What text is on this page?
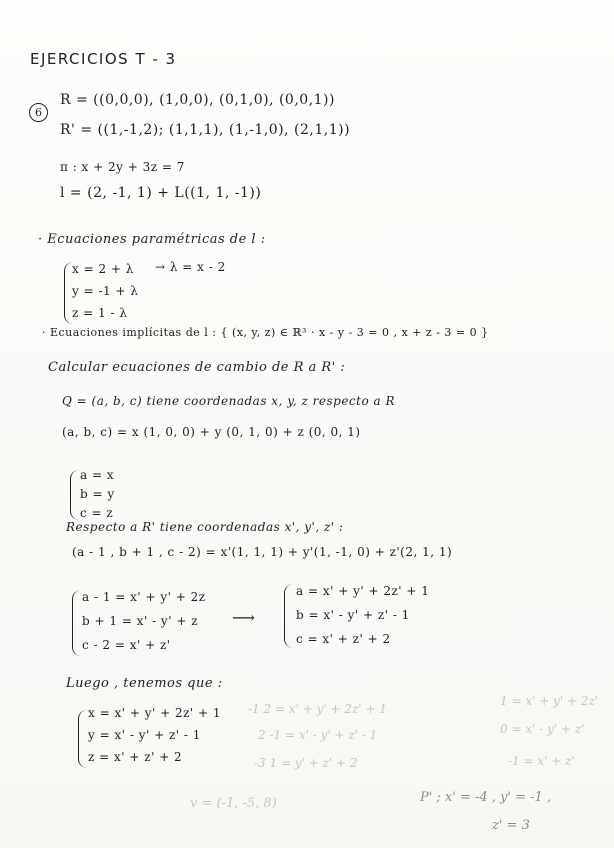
EJERCICIOS T - 3
6
R = ((0,0,0), (1,0,0), (0,1,0), (0,0,1))
R' = ((1,-1,2); (1,1,1), (1,-1,0), (2,1,1))
π : x + 2y + 3z = 7
l = (2, -1, 1) + L((1, 1, -1))
· Ecuaciones paramétricas de l :
x = 2 + λ → λ = x - 2
y = -1 + λ
z = 1 - λ
· Ecuaciones implícitas de l : { (x, y, z) ∈ ℝ³ · x - y - 3 = 0 , x + z - 3 = 0 }
Calcular ecuaciones de cambio de R a R' :
Q = (a, b, c) tiene coordenadas x, y, z respecto a R
(a, b, c) = x (1, 0, 0) + y (0, 1, 0) + z (0, 0, 1)
a = x
b = y
c = z
Respecto a R' tiene coordenadas x', y', z' :
(a - 1 , b + 1 , c - 2) = x'(1, 1, 1) + y'(1, -1, 0) + z'(2, 1, 1)
a - 1 = x' + y' + 2z
b + 1 = x' - y' + z
c - 2 = x' + z'
⟶
a = x' + y' + 2z' + 1
b = x' - y' + z' - 1
c = x' + z' + 2
Luego , tenemos que :
x = x' + y' + 2z' + 1
y = x' - y' + z' - 1
z = x' + z' + 2
-1 2 = x' + y' + 2z' + 1
2 -1 = x' - y' + z' - 1
-3 1 = y' + z' + 2
1 = x' + y' + 2z'
0 = x' - y' + z'
-1 = x' + z'
v = (-1, -5, 8)	P' ; x' = -4 , y' = -1 ,
z' = 3
